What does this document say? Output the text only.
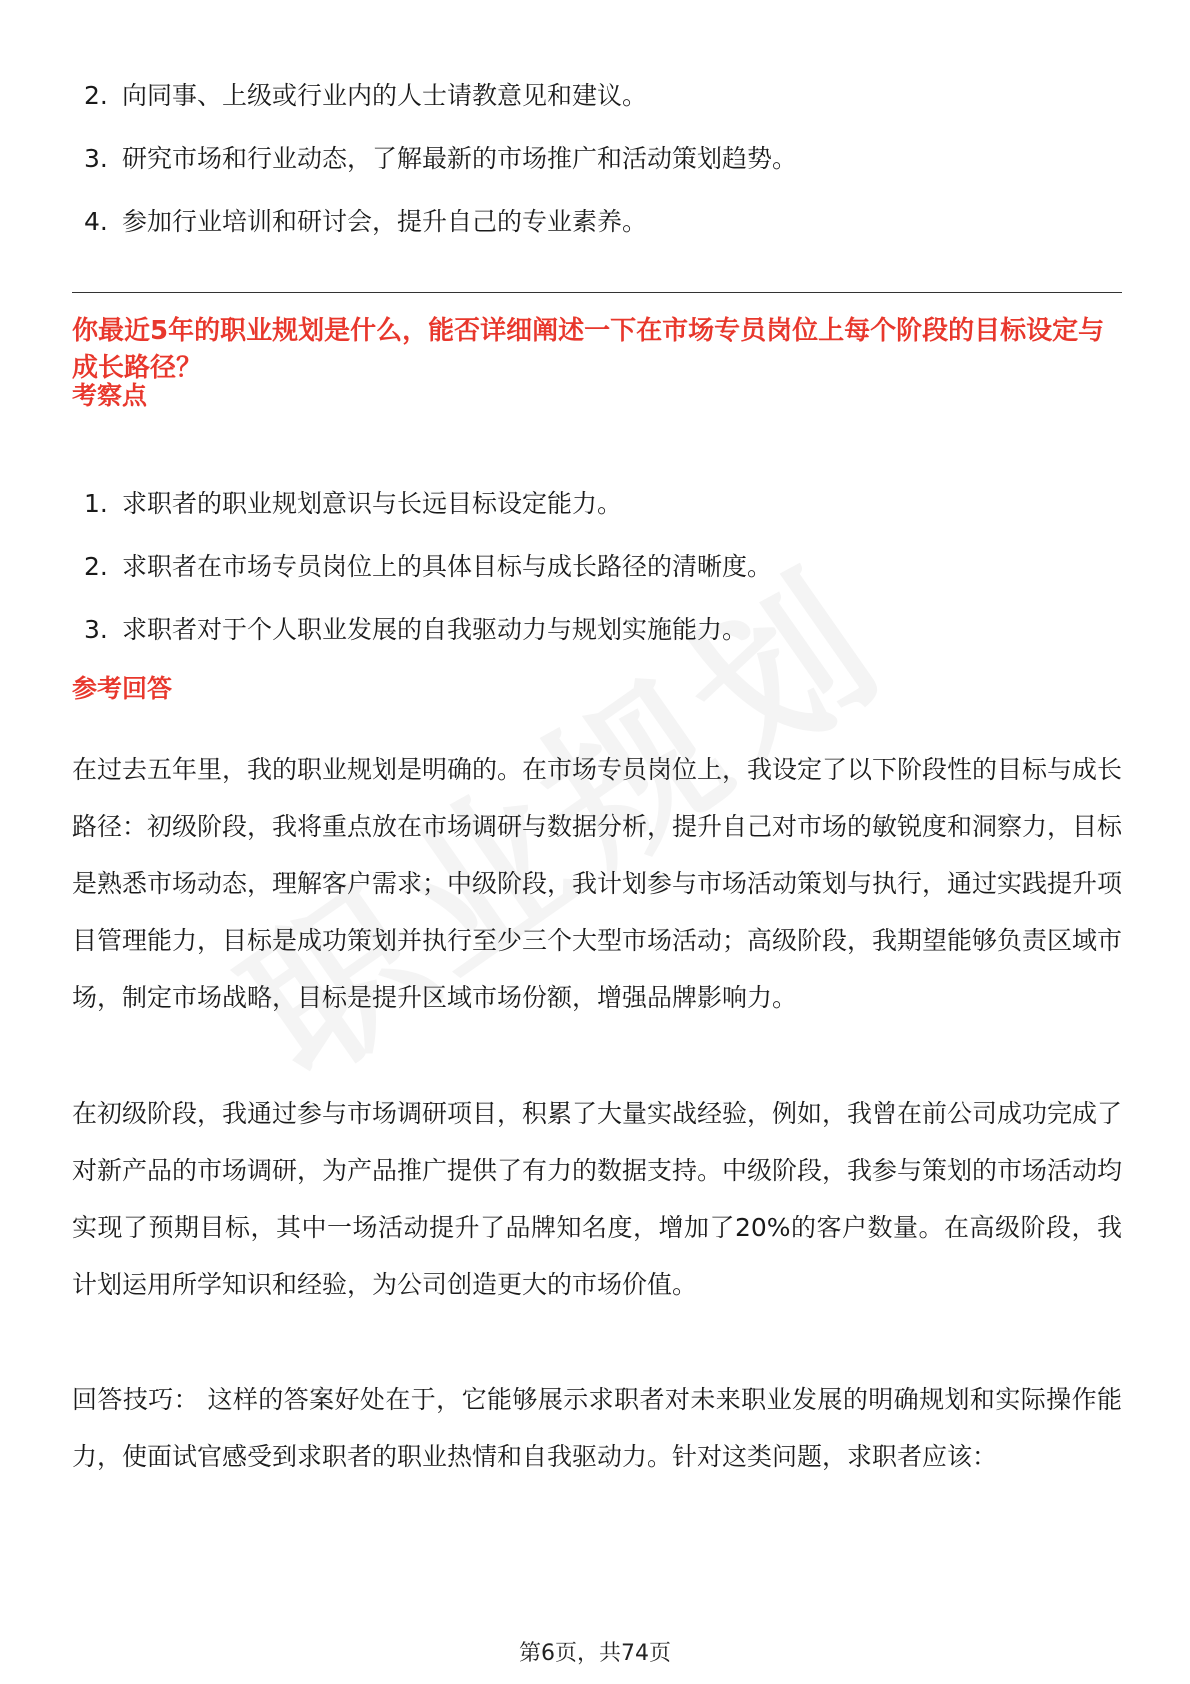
2. 向同事、上级或行业内的人士请教意见和建议。
3. 研究市场和行业动态，了解最新的市场推广和活动策划趋势。
4. 参加行业培训和研讨会，提升自己的专业素养。
你最近5年的职业规划是什么，能否详细阐述一下在市场专员岗位上每个阶段的目标设定与成长路径？
考察点
1. 求职者的职业规划意识与长远目标设定能力。
2. 求职者在市场专员岗位上的具体目标与成长路径的清晰度。
3. 求职者对于个人职业发展的自我驱动力与规划实施能力。
参考回答

在过去五年里，我的职业规划是明确的。在市场专员岗位上，我设定了以下阶段性的目标与成长路径：初级阶段，我将重点放在市场调研与数据分析，提升自己对市场的敏锐度和洞察力，目标是熟悉市场动态，理解客户需求；中级阶段，我计划参与市场活动策划与执行，通过实践提升项目管理能力，目标是成功策划并执行至少三个大型市场活动；高级阶段，我期望能够负责区域市场，制定市场战略，目标是提升区域市场份额，增强品牌影响力。

在初级阶段，我通过参与市场调研项目，积累了大量实战经验，例如，我曾在前公司成功完成了对新产品的市场调研，为产品推广提供了有力的数据支持。中级阶段，我参与策划的市场活动均实现了预期目标，其中一场活动提升了品牌知名度，增加了20%的客户数量。在高级阶段，我计划运用所学知识和经验，为公司创造更大的市场价值。

回答技巧： 这样的答案好处在于，它能够展示求职者对未来职业发展的明确规划和实际操作能力，使面试官感受到求职者的职业热情和自我驱动力。针对这类问题，求职者应该：

第6页，共74页
